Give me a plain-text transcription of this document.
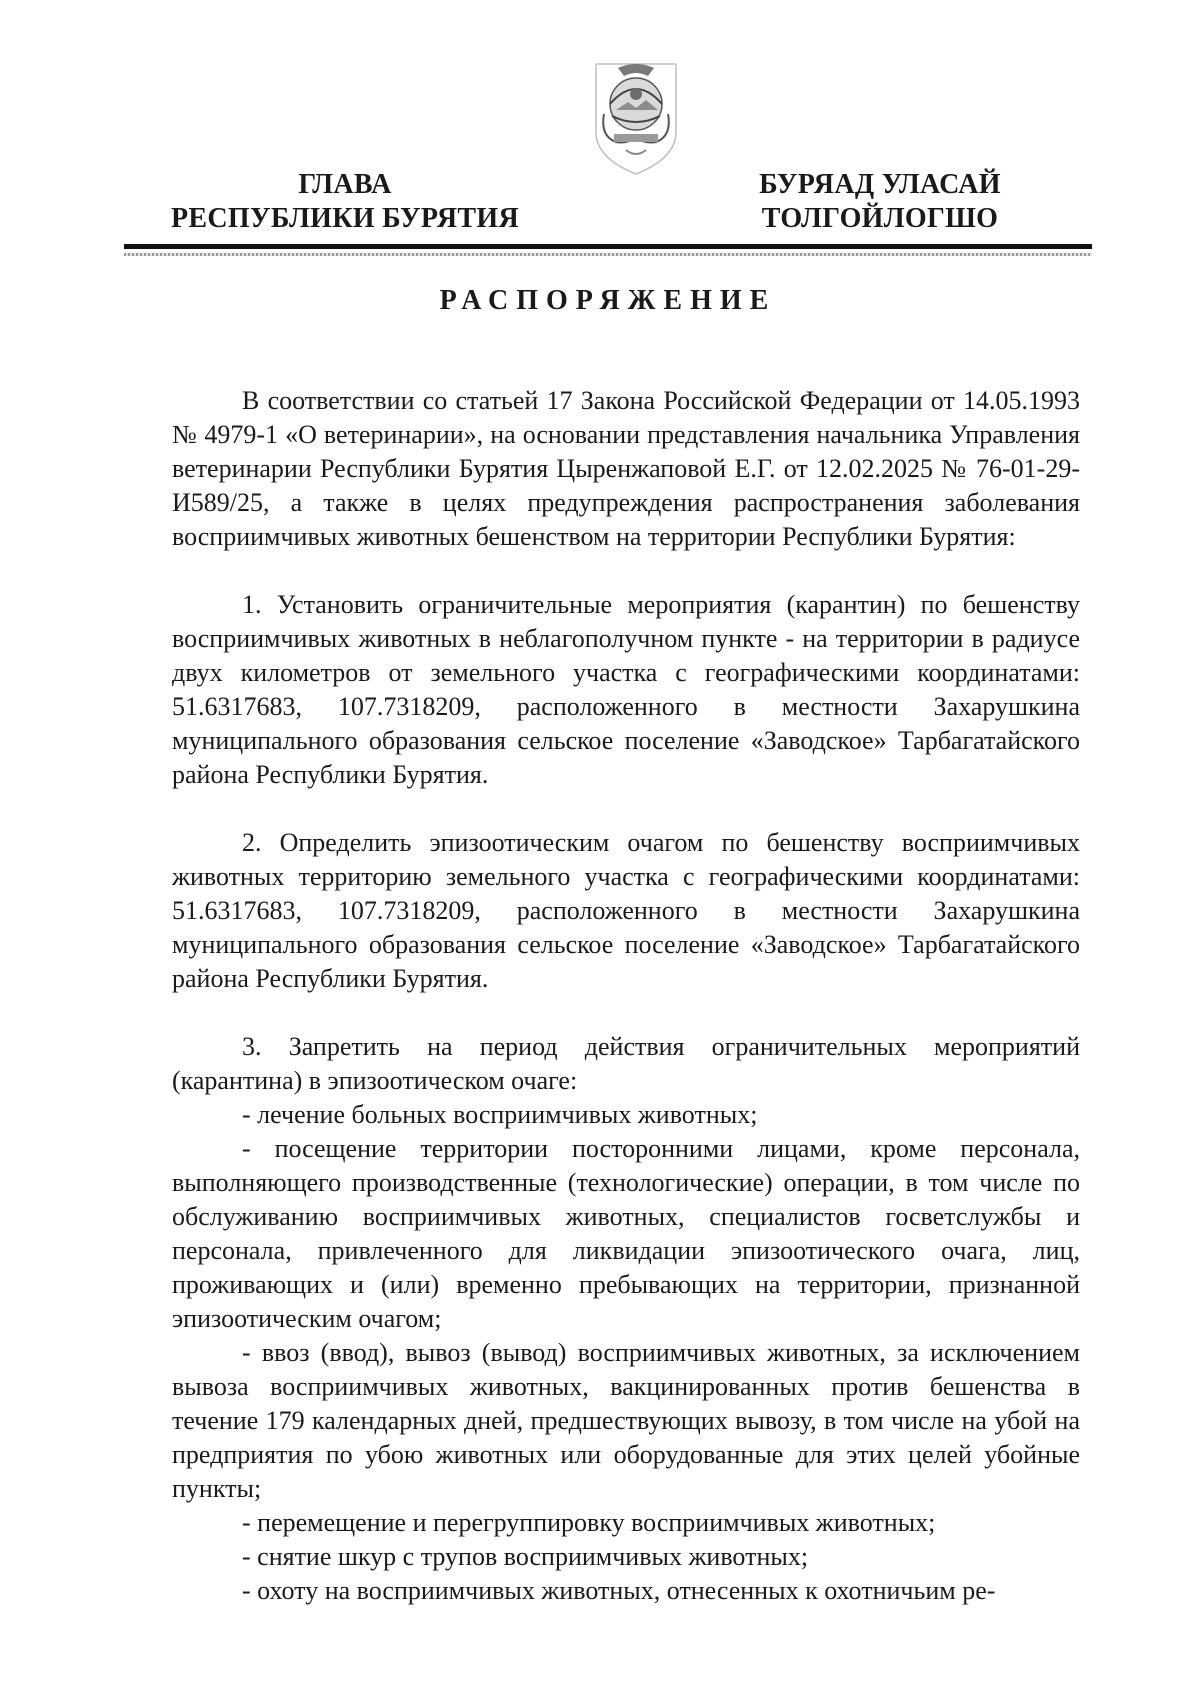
ГЛАВА
РЕСПУБЛИКИ БУРЯТИЯ
БУРЯАД УЛАСАЙ
ТОЛГОЙЛОГШО
РАСПОРЯЖЕНИЕ

В соответствии со статьей 17 Закона Российской Федерации от 14.05.1993 № 4979-1 «О ветеринарии», на основании представления начальника Управления ветеринарии Республики Бурятия Цыренжаповой Е.Г. от 12.02.2025 № 76-01-29-И589/25, а также в целях предупреждения распространения заболевания восприимчивых животных бешенством на территории Республики Бурятия:

1. Установить ограничительные мероприятия (карантин) по бешенству восприимчивых животных в неблагополучном пункте - на территории в радиусе двух километров от земельного участка с географическими координатами: 51.6317683, 107.7318209, расположенного в местности Захарушкина муниципального образования сельское поселение «Заводское» Тарбагатайского района Республики Бурятия.

2. Определить эпизоотическим очагом по бешенству восприимчивых животных территорию земельного участка с географическими координатами: 51.6317683, 107.7318209, расположенного в местности Захарушкина муниципального образования сельское поселение «Заводское» Тарбагатайского района Республики Бурятия.

3. Запретить на период действия ограничительных мероприятий (карантина) в эпизоотическом очаге:

- лечение больных восприимчивых животных;

- посещение территории посторонними лицами, кроме персонала, выполняющего производственные (технологические) операции, в том числе по обслуживанию восприимчивых животных, специалистов госветслужбы и персонала, привлеченного для ликвидации эпизоотического очага, лиц, проживающих и (или) временно пребывающих на территории, признанной эпизоотическим очагом;

- ввоз (ввод), вывоз (вывод) восприимчивых животных, за исключением вывоза восприимчивых животных, вакцинированных против бешенства в течение 179 календарных дней, предшествующих вывозу, в том числе на убой на предприятия по убою животных или оборудованные для этих целей убойные пункты;

- перемещение и перегруппировку восприимчивых животных;

- снятие шкур с трупов восприимчивых животных;

- охоту на восприимчивых животных, отнесенных к охотничьим ре-
